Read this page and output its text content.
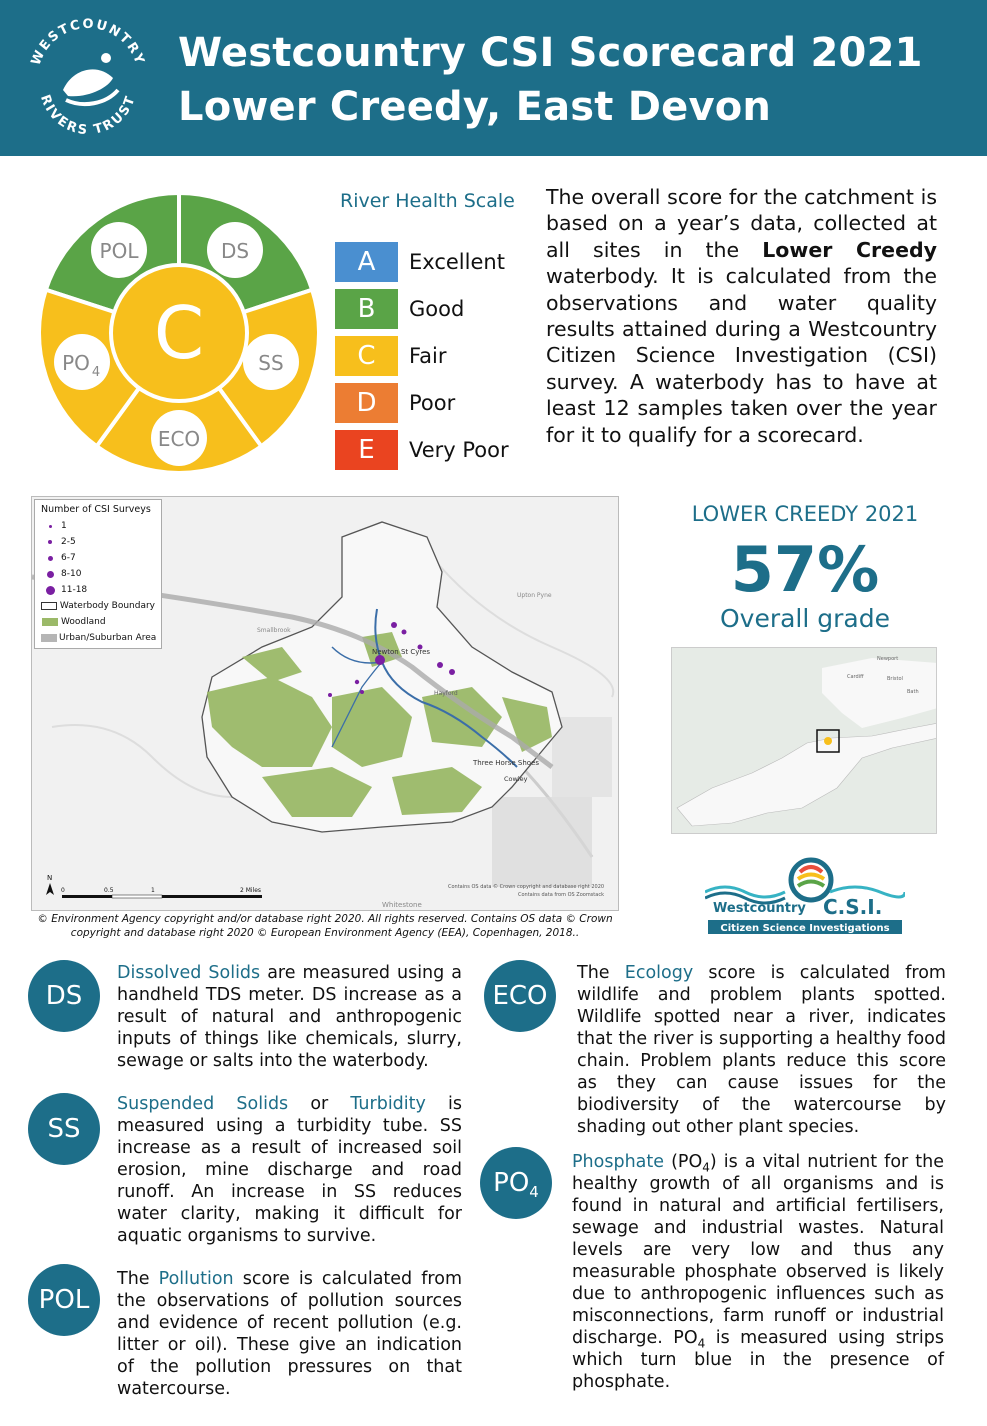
WESTCOUNTRY
RIVERS TRUST
Westcountry CSI Scorecard 2021
Lower Creedy, East Devon
C
POL	DS
SS
ECO
PO 4
River Health Scale
A	Excellent
B	Good
C	Fair
D	Poor
E	Very Poor
The overall score for the catchment is based on a year’s data, collected at all sites in the Lower Creedy waterbody. It is calculated from the observations and water quality results attained during a Westcountry Citizen Science Investigation (CSI) survey. A waterbody has to have at least 12 samples taken over the year for it to qualify for a scorecard.
Newton St Cyres
Hayford
Three Horse Shoes
Cowley
Upton Pyne
Whitestone
Smallbrook
N
0	0.5	1	2 Miles	Contains OS data © Crown copyright and database right 2020
Contains data from OS Zoomstack
Number of CSI Surveys
1
2-5
6-7
8-10
11-18
Waterbody Boundary
Woodland
Urban/Suburban Area
© Environment Agency copyright and/or database right 2020. All rights reserved. Contains OS data © Crown copyright and database right 2020 © European Environment Agency (EEA), Copenhagen, 2018..
LOWER CREEDY 2021
57%
Overall grade
Cardiff	Bristol
Bath
Newport
Westcountry C.S.I.
Citizen Science Investigations
DS
Dissolved Solids are measured using a handheld TDS meter. DS increase as a result of natural and anthropogenic inputs of things like chemicals, slurry, sewage or salts into the waterbody.
SS
Suspended Solids or Turbidity is measured using a turbidity tube. SS increase as a result of increased soil erosion, mine discharge and road runoff. An increase in SS reduces water clarity, making it difficult for aquatic organisms to survive.
POL
The Pollution score is calculated from the observations of pollution sources and evidence of recent pollution (e.g. litter or oil). These give an indication of the pollution pressures on that watercourse.
ECO
The Ecology score is calculated from wildlife and problem plants spotted. Wildlife spotted near a river, indicates that the river is supporting a healthy food chain. Problem plants reduce this score as they can cause issues for the biodiversity of the watercourse by shading out other plant species.
$PO_4$
Phosphate $(PO_4)$ is a vital nutrient for the healthy growth of all organisms and is found in natural and artificial fertilisers, sewage and industrial wastes. Natural levels are very low and thus any measurable phosphate observed is likely due to anthropogenic influences such as misconnections, farm runoff or industrial discharge. $PO_4$ is measured using strips which turn blue in the presence of phosphate.
